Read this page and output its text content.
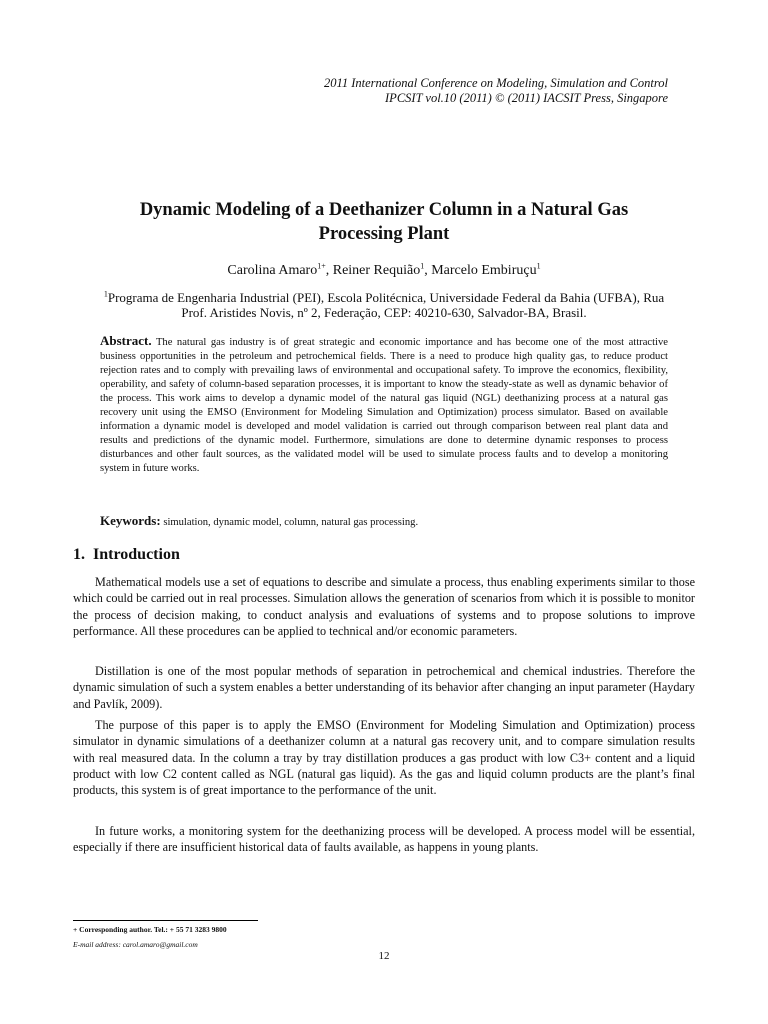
2011 International Conference on Modeling, Simulation and Control
IPCSIT vol.10 (2011) © (2011) IACSIT Press, Singapore
Dynamic Modeling of a Deethanizer Column in a Natural Gas
Processing Plant
Carolina Amaro$^{1+}$, Reiner Requião$^1$, Marcelo Embiruçu$^1$
$^1$Programa de Engenharia Industrial (PEI), Escola Politécnica, Universidade Federal da Bahia (UFBA), Rua
Prof. Aristides Novis, nº 2, Federação, CEP: 40210-630, Salvador-BA, Brasil.
Abstract. The natural gas industry is of great strategic and economic importance and has become one of the most attractive business opportunities in the petroleum and petrochemical fields. There is a need to produce high quality gas, to reduce product rejection rates and to comply with prevailing laws of environmental and occupational safety. To improve the economics, flexibility, operability, and safety of column-based separation processes, it is important to know the steady-state as well as dynamic behavior of the process. This work aims to develop a dynamic model of the natural gas liquid (NGL) deethanizing process at a natural gas recovery unit using the EMSO (Environment for Modeling Simulation and Optimization) process simulator. Based on available information a dynamic model is developed and model validation is carried out through comparison between real plant data and results and predictions of the dynamic model. Furthermore, simulations are done to determine dynamic responses to process disturbances and other fault sources, as the validated model will be used to simulate process faults and to develop a monitoring system in future works.
Keywords: simulation, dynamic model, column, natural gas processing.
1. Introduction

Mathematical models use a set of equations to describe and simulate a process, thus enabling experiments similar to those which could be carried out in real processes. Simulation allows the generation of scenarios from which it is possible to monitor the process of decision making, to conduct analysis and evaluations of systems and to propose solutions to improve performance. All these procedures can be applied to technical and/or economic parameters.

Distillation is one of the most popular methods of separation in petrochemical and chemical industries. Therefore the dynamic simulation of such a system enables a better understanding of its behavior after changing an input parameter (Haydary and Pavlík, 2009).

The purpose of this paper is to apply the EMSO (Environment for Modeling Simulation and Optimization) process simulator in dynamic simulations of a deethanizer column at a natural gas recovery unit, and to compare simulation results with real measured data. In the column a tray by tray distillation produces a gas product with low C3+ content and a liquid product with low C2 content called as NGL (natural gas liquid). As the gas and liquid column products are the plant’s final products, this system is of great importance to the performance of the unit.

In future works, a monitoring system for the deethanizing process will be developed. A process model will be essential, especially if there are insufficient historical data of faults available, as happens in young plants.

+ Corresponding author. Tel.: + 55 71 3283 9800
E-mail address: carol.amaro@gmail.com
12
